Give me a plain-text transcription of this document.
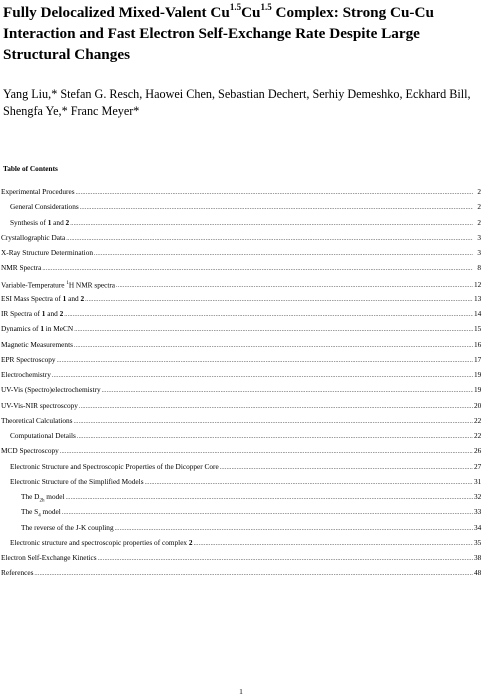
Fully Delocalized Mixed-Valent $Cu^{1.5}Cu^{1.5}$ Complex: Strong Cu-Cu Interaction and Fast Electron Self-Exchange Rate Despite Large Structural Changes
Yang Liu,* Stefan G. Resch, Haowei Chen, Sebastian Dechert, Serhiy Demeshko, Eckhard Bill,
Shengfa Ye,* Franc Meyer*
Table of Contents
Experimental Procedures .....	2
General Considerations .....	2
Synthesis of 1 and 2 .....	2
Crystallographic Data .....	3
X-Ray Structure Determination .....	3
NMR Spectra .....	8
Variable-Temperature $^1$H NMR spectra .....	12
ESI Mass Spectra of 1 and 2 .....	13
IR Spectra of 1 and 2 .....	14
Dynamics of 1 in MeCN .....	15
Magnetic Measurements .....	16
EPR Spectroscopy .....	17
Electrochemistry .....	19
UV-Vis (Spectro)electrochemistry .....	19
UV-Vis-NIR spectroscopy .....	20
Theoretical Calculations .....	22
Computational Details .....	22
MCD Spectroscopy .....	26
Electronic Structure and Spectroscopic Properties of the Dicopper Core .....	27
Electronic Structure of the Simplified Models .....	31
The $D_{2h}$ model .....	32
The $S_4$ model .....	33
The reverse of the J-K coupling .....	34
Electronic structure and spectroscopic properties of complex 2 .....	35
Electron Self-Exchange Kinetics .....	38
References .....	48
1
